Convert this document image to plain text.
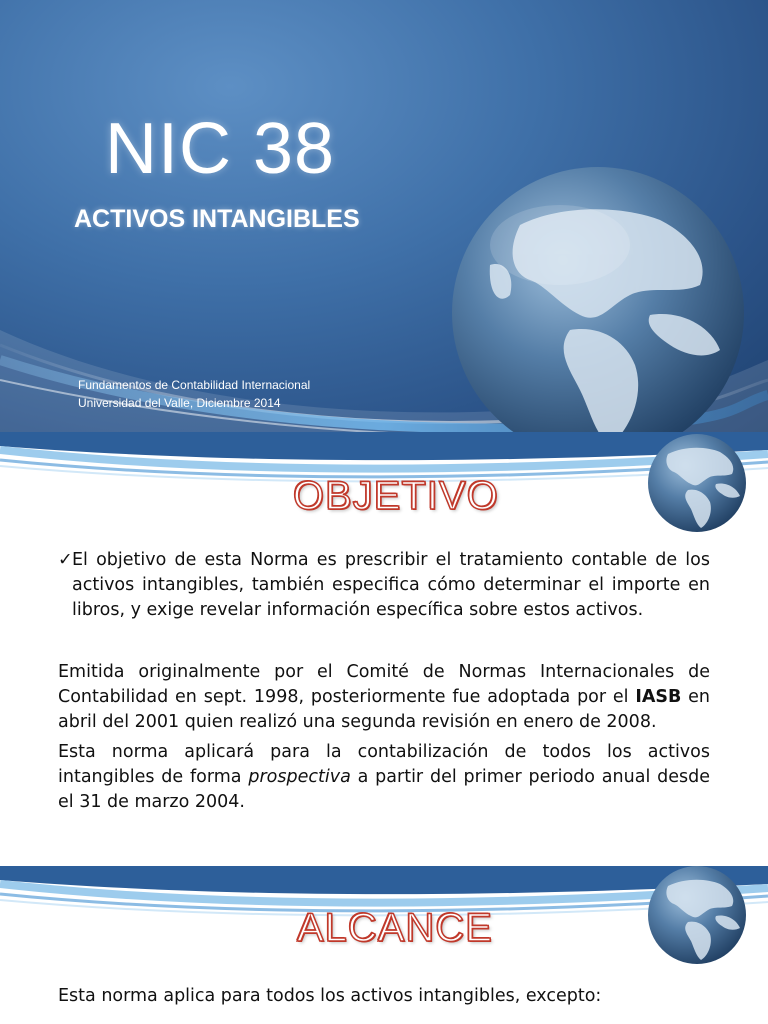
NIC 38
ACTIVOS INTANGIBLES
Fundamentos de Contabilidad Internacional
Universidad del Valle, Diciembre 2014
OBJETIVO
✓ El objetivo de esta Norma es prescribir el tratamiento contable de los activos intangibles, también especifica cómo determinar el importe en libros, y exige revelar información específica sobre estos activos.

Emitida originalmente por el Comité de Normas Internacionales de Contabilidad en sept. 1998, posteriormente fue adoptada por el IASB en abril del 2001 quien realizó una segunda revisión en enero de 2008.

Esta norma aplicará para la contabilización de todos los activos intangibles de forma prospectiva a partir del primer periodo anual desde el 31 de marzo 2004.

ALCANCE
Esta norma aplica para todos los activos intangibles, excepto:
